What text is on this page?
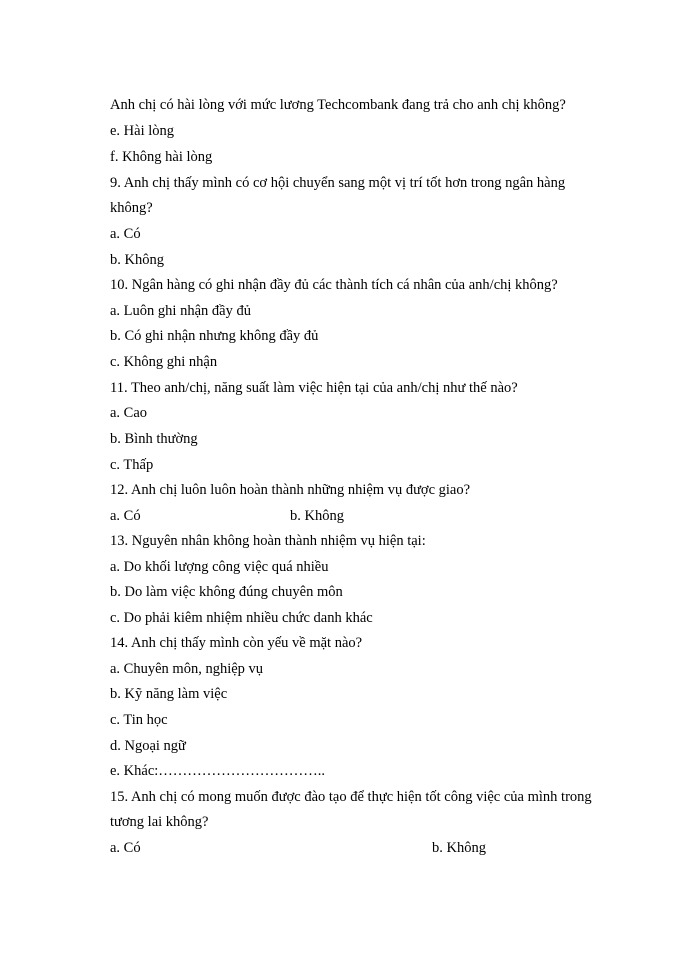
Anh chị có hài lòng với mức lương Techcombank đang trả cho anh chị không?
e. Hài lòng
f. Không hài lòng
9. Anh chị thấy mình có cơ hội chuyển sang một vị trí tốt hơn trong ngân hàng
không?
a. Có
b. Không
10. Ngân hàng có ghi nhận đầy đủ các thành tích cá nhân của anh/chị không?
a. Luôn ghi nhận đầy đủ
b. Có ghi nhận nhưng không đầy đủ
c. Không ghi nhận
11. Theo anh/chị, năng suất làm việc hiện tại của anh/chị như thế nào?
a. Cao
b. Bình thường
c. Thấp
12. Anh chị luôn luôn hoàn thành những nhiệm vụ được giao?
a. Có	b. Không
13. Nguyên nhân không hoàn thành nhiệm vụ hiện tại:
a. Do khối lượng công việc quá nhiều
b. Do làm việc không đúng chuyên môn
c. Do phải kiêm nhiệm nhiều chức danh khác
14. Anh chị thấy mình còn yếu về mặt nào?
a. Chuyên môn, nghiệp vụ
b. Kỹ năng làm việc
c. Tin học
d. Ngoại ngữ
e. Khác:……………………………..
15. Anh chị có mong muốn được đào tạo để thực hiện tốt công việc của mình trong
tương lai không?
a. Có	b. Không
